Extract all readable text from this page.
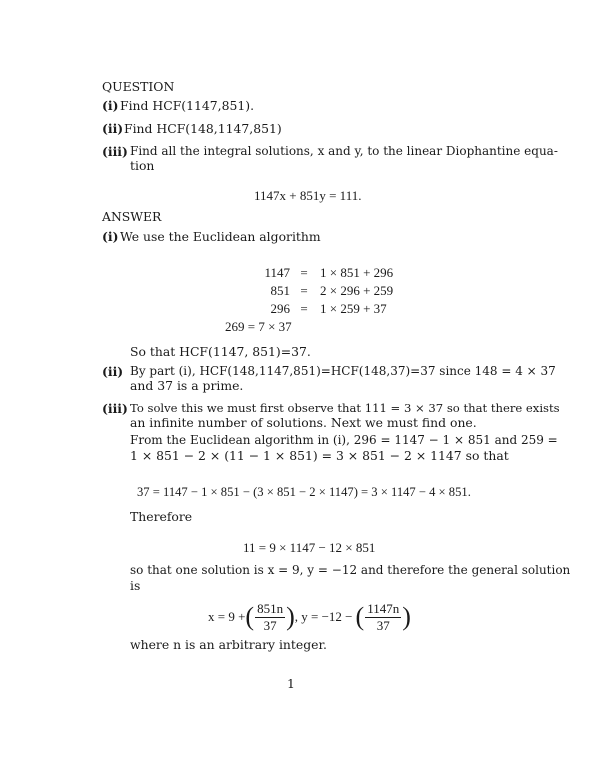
QUESTION
(i) Find HCF(1147,851).
(ii) Find HCF(148,1147,851)
(iii) Find all the integral solutions, x and y, to the linear Diophantine equa-
tion
1147x + 851y = 111.
ANSWER
(i) We use the Euclidean algorithm
1147 = 1 × 851 + 296
851 = 2 × 296 + 259
296 = 1 × 259 + 37
269 = 7 × 37
So that HCF(1147, 851)=37.
(ii) By part (i), HCF(148,1147,851)=HCF(148,37)=37 since 148 = 4 × 37
and 37 is a prime.
(iii) To solve this we must first observe that 111 = 3 × 37 so that there exists
an infinite number of solutions. Next we must find one.
From the Euclidean algorithm in (i), 296 = 1147 − 1 × 851 and 259 =
1 × 851 − 2 × (11 − 1 × 851) = 3 × 851 − 2 × 1147 so that
37 = 1147 − 1 × 851 − (3 × 851 − 2 × 1147) = 3 × 1147 − 4 × 851.
Therefore
11 = 9 × 1147 − 12 × 851
so that one solution is x = 9, y = −12 and therefore the general solution
is
x = 9 + ( $\frac{851n}{37}$ ) , y = −12 − ( $\frac{1147n}{37}$ )
where n is an arbitrary integer.
1
